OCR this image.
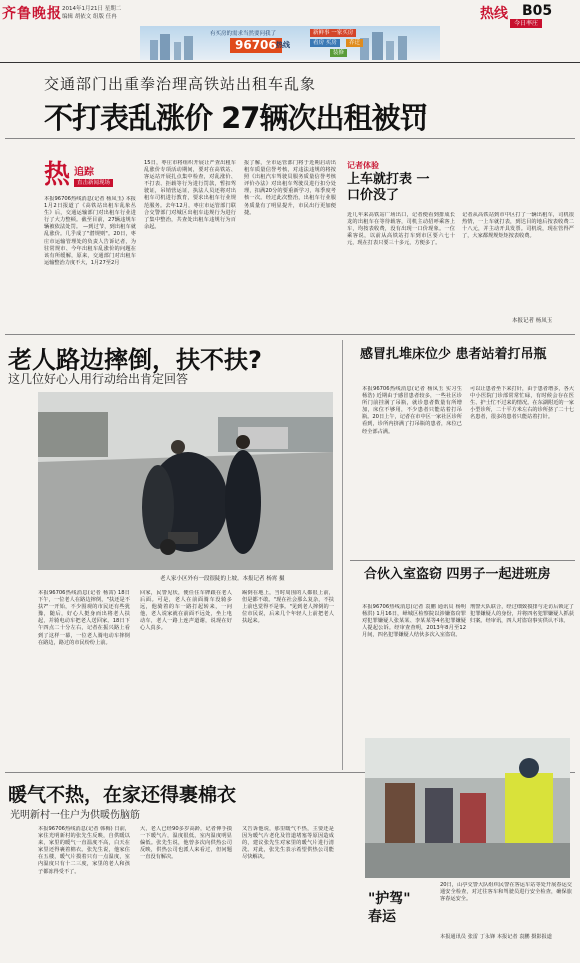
齐鲁晚报 2014年1月21日 星期二
编辑 胡依文 组版 任冉	热线 B05
今日率庄
有买房的需求当然要问我了
96706 热线
新鲜事 一家买房
看房 买房	乔迁
装修
交通部门出重拳治理高铁站出租车乱象
不打表乱涨价 27辆次出租被罚
热 追踪
直击新闻现场
本报96706热线消息(记者 杨凤玉) 本报1月2日报道了《高铁站出租车乱象丛生》后，交通运输部门对出租车行业进行了大力整顿。截至目前，27辆违规车辆被依法处罚。 —到过节，到出租车就乱涨价。几乎成了"潜规则"。20日，枣庄市运输管理处的负责人告诉记者，为驻常规市、今年出租车乱涨价的问题在该有所缓解，原来，交通部门对出租车运输整治力度不大，1月27至2月
15日，枣庄市将组织开展让严查出租车乱涨价专项活动期间，要对在高铁站、客运站开展扎点集中检查，对乱涨价、不打表、拒载等行为进行罚款，暂扣驾驶证，吊销营运证，执法人员还将对出租车司机进行教育，要求出租车行业规范服务。去年12月，枣庄市运管部门联合交警部门对城区出租车违规行为进行了集中整治，共查处出租车违规行为百余起。
报了解，全市运管部门将于近期启动出租车质量信誉考核，对违法违规的将按照《出租汽车驾驶员服务质量信誉考核评价办法》对出租车驾驶员进行扣分处理，扣满20分的要重新学习，每季度考核一次。经过此次整治，出租车行业服务质量有了明显提升，市民出行更加便捷。
记者体验
上车就打表 一口价没了
近几年来高铁站广场出口，记者便看到排成长龙的出租车在等待载客，司机主动招呼乘客上车，均按表收费，没有出现一口价现象。一位乘客说，以前从高铁站打车到市区要六七十元，现在打表只要三十多元，方便多了。
记者从高铁站到市中区打了一辆出租车，司机很热情，一上车就打表，到达目的地后按表收费二十八元，并主动开具发票。司机说，现在管得严了，大家都规规矩矩按表收费。
本报记者 杨凤玉
老人路边摔倒，扶不扶?
这几位好心人用行动给出肯定回答
老人家小区外有一段很陡的上坡。本报记者 杨霄 摄
本报96706热线消息(记者 杨霄) 18日下午，一位老人在路边摔倒，"扶还是不扶?"一开始，不少围观的市民还有些犹豫，随后，好心人挺身而出将老人扶起，并骑电动车把老人送回家。18日下午四点二十分左右，记者在振兴路上看到了这样一幕，一位老人骑电动车摔倒在路边，路过的市民纷纷上前。
回家，民警见状，便任住车牌跟在老人后面。可是，老人在前面骑车没骑多远，他骑着的车一路打起转来，一问他，老人说家就在前面不远处，坐上电动车，老人一路上连声道谢，说现在好心人真多。
踢倒在地上，当时周围的人都很上前，但是都不敢。"现在社会那么复杂，不扶上前也觉得不是事。"见到老人摔倒的一位市民说，后来几个年轻人上前把老人扶起来。
感冒扎堆床位少 患者站着打吊瓶
本报96706热线消息(记者 杨凤玉 实习生 杨浩) 近期由于感冒患者较多，一些社区诊所门前挂满了吊瓶，就诊患者数量有所增加，床位不够用，不少患者只能站着打吊瓶。20日上午，记者在市中区一家社区诊所看到，诊所内挤满了打吊瓶的患者，床位已经全部占满。
可以让患者坐下来打针，由于患者增多，各大中小医院门诊部常常忙碌，有时候会存在医生、护士忙不过来的情况。在东湖附近的一家小型诊所，二十平方米左右的诊所挤了二十七名患者，很多的患者只能站着打针。
合伙入室盗窃 四男子一起进班房
本报96706热线消息(记者 袁鹏 通讯员 杨明 杨洪) 1月16日，峄城区检察院以涉嫌盗窃罪对犯罪嫌疑人张某某、李某某等4名犯罪嫌疑人提起公诉。经审查查明，2013年8月至12月间，四名犯罪嫌疑人结伙多次入室盗窃。
刑警大队联合，经过细致摸排与走访后锁定了犯罪嫌疑人的身份，并将四名犯罪嫌疑人抓获归案。经审讯，四人对盗窃事实供认不讳。
暖气不热，在家还得裹棉衣
光明新村一住户为供暖伤脑筋
本报96706热线消息(记者 韩梅) 日前，家住光明新村的张先生反映，自供暖以来，家里的暖气一直温度不高，白天在家里还得裹着棉衣。张先生说，他家住在五楼，暖气片摸着只有一点温度，室内温度只有十二三度，家里的老人和孩子都冻得受不了。
大，老人已经90多岁高龄，记者伸手摸一下暖气片，温度很低，室内温度明显偏低。张先生说，他曾多次向供热公司反映，供热公司也派人来看过，但问题一直没有解决。
又告诉他说，那里暖气不热，主要还是因为暖气片老化及管道堵塞等原因造成的，建议张先生对家里的暖气片进行清洗。对此，张先生表示希望供热公司能尽快解决。
"护驾" 春运
20日，山亭交警大队组织民警在客运车站等处开展春运交通安全检查，对过往客车和驾驶员进行安全检查，确保旅客春运安全。
本报通讯员 张雷 丁永锋 本报记者 袁鹏 摄影报道
